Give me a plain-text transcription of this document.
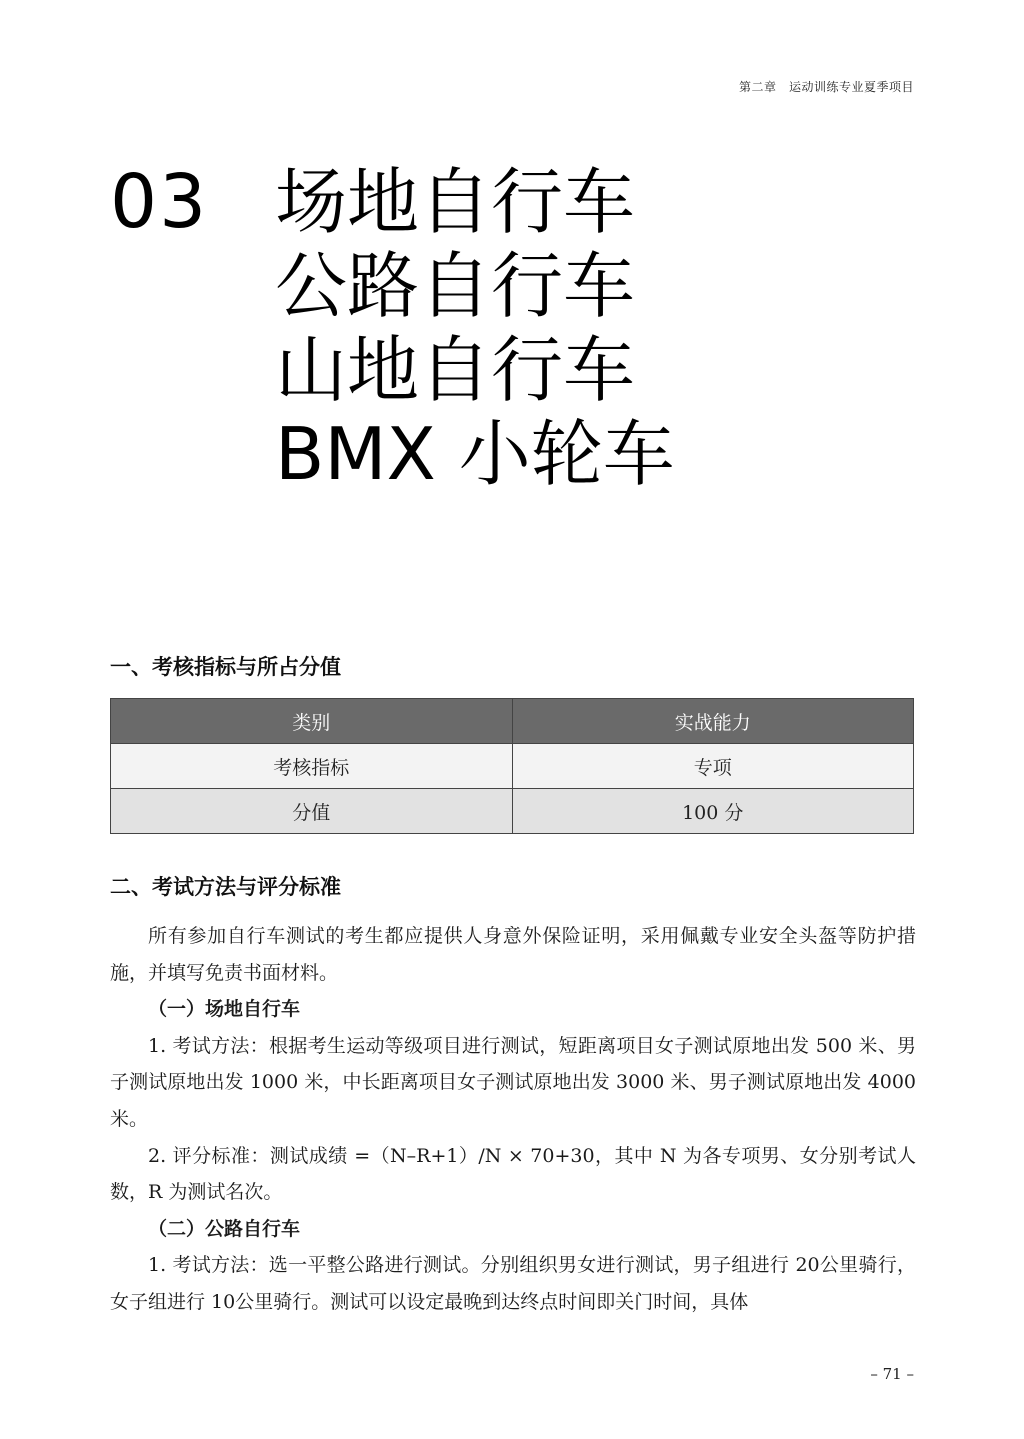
第二章　运动训练专业夏季项目
03 场地自行车
公路自行车
山地自行车
BMX 小轮车
一、考核指标与所占分值
类别	实战能力
考核指标	专项
分值	100 分
二、考试方法与评分标准

所有参加自行车测试的考生都应提供人身意外保险证明，采用佩戴专业安全头盔等防护措施，并填写免责书面材料。

（一）场地自行车

1. 考试方法：根据考生运动等级项目进行测试，短距离项目女子测试原地出发 500 米、男子测试原地出发 1000 米，中长距离项目女子测试原地出发 3000 米、男子测试原地出发 4000 米。

2. 评分标准：测试成绩 =（N–R+1）/N × 70+30，其中 N 为各专项男、女分别考试人数，R 为测试名次。

（二）公路自行车

1. 考试方法：选一平整公路进行测试。分别组织男女进行测试，男子组进行 20公里骑行，女子组进行 10公里骑行。测试可以设定最晚到达终点时间即关门时间，具体

– 71 –
